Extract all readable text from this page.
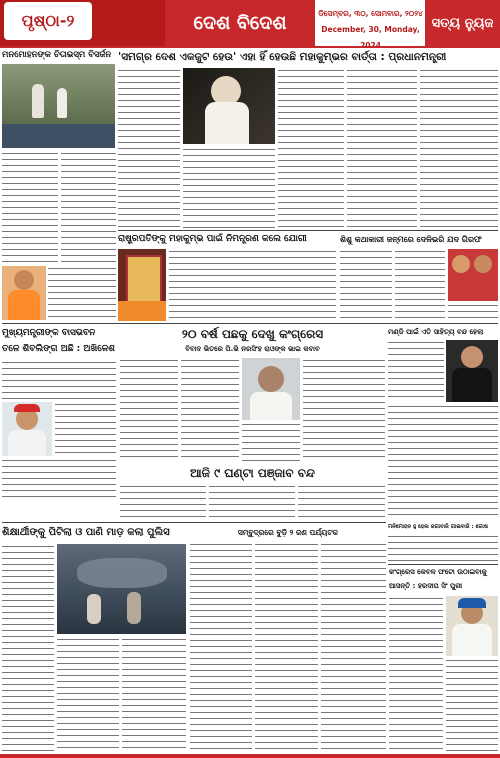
ପୃଷ୍ଠା-୨	ଦେଶ ବିଦେଶ	ଡିସେମ୍ବର, ୩୦, ସୋମବାର, ୨୦୨୪
December, 30, Monday, ସତ୍ୟ ନ୍ୟୁଜ
ମନମୋହନଙ୍କ ଚିତାଭସ୍ମ ବିସର୍ଜନ 'ସମଗ୍ର ଦେଶ ଏକଜୁଟ ହେଉ' ଏହା ହିଁ ହେଉଛି ମହାକୁମ୍ଭର ବାର୍ତ୍ତା : ପ୍ରଧାନମନ୍ତ୍ରୀ
ରାଷ୍ଟ୍ରପତିଙ୍କୁ ମହାକୁମ୍ଭ ପାଇଁ ନିମନ୍ତ୍ରଣ କଲେ ଯୋଗୀ	ଶିଶୁ କଥାକାରୀ ଜନ୍ମରେ ଦେଳିଭରି ଯଦ ଗିରଫ
ମୁଖ୍ୟମନ୍ତ୍ରୀଙ୍କ ବାସଭବନ
ତଳେ ଶିବଲିଙ୍ଗ ଅଛି : ଅଖିଳେଶ
୨୦ ବର୍ଷ ପଛକୁ ଦେଖୁ କଂଗ୍ରେସ
ବିବାଦ ଭିତରେ ପି.ଭି ନରସିଂହ ରାଓଙ୍କ ଭାଇ କବାବ
ମଣ୍ଡି ପାଇଁ ଏତି ସାହିତ୍ୟ ବନ୍ଦ ହେଲା
ଆଜି ୯ ଘଣ୍ଟା ପଞ୍ଜାବ ବନ୍ଦ
ମନିମୋହନ ହୁ ହେଲ ଜଗାବାଜି ଗାଇବାଜି : ଗୋଷ
ଶିକ୍ଷାର୍ଥୀଙ୍କୁ ପିଟିଲା ଓ ପାଣି ମାଡ଼ କଲା ପୁଲିସ	ସମ୍ବୁଦ୍ରରେ ବୁଡ଼ି ୨ ଜଣ ପର୍ଯ୍ୟଟକ
କଂଗ୍ରେସ କେବଳ ଫଟୋ ଉଠାଇବାକୁ
ଆସନ୍ତି : ହରଦୀପ ସିଂ ପୁରୀ
